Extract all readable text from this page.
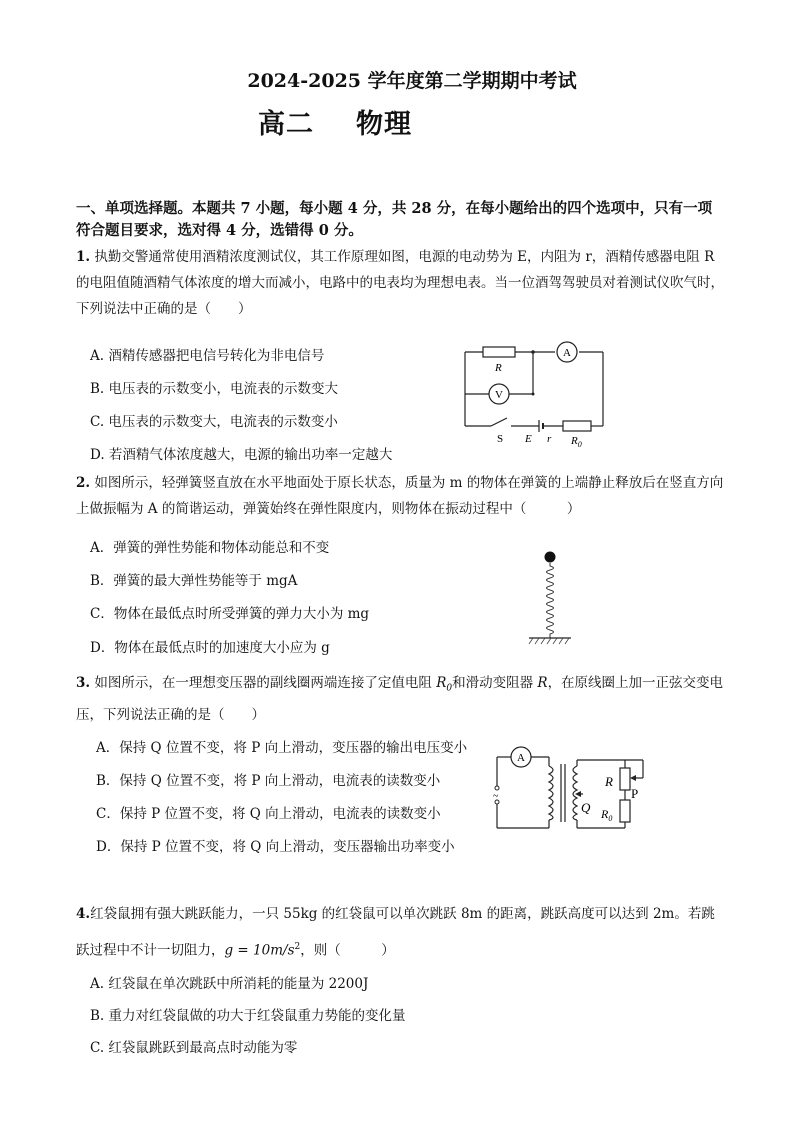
2024-2025 学年度第二学期期中考试
高二 物理
一、单项选择题。本题共 7 小题，每小题 4 分，共 28 分，在每小题给出的四个选项中，只有一项符合题目要求，选对得 4 分，选错得 0 分。
1. 执勤交警通常使用酒精浓度测试仪，其工作原理如图，电源的电动势为 E，内阻为 r，酒精传感器电阻 R 的电阻值随酒精气体浓度的增大而减小，电路中的电表均为理想电表。当一位酒驾驾驶员对着测试仪吹气时，下列说法中正确的是（　　）
A. 酒精传感器把电信号转化为非电信号
B. 电压表的示数变小，电流表的示数变大
C. 电压表的示数变大，电流表的示数变小
D. 若酒精气体浓度越大，电源的输出功率一定越大
R
A
V
S E r $R_0$
2. 如图所示，轻弹簧竖直放在水平地面处于原长状态，质量为 m 的物体在弹簧的上端静止释放后在竖直方向上做振幅为 A 的简谐运动，弹簧始终在弹性限度内，则物体在振动过程中（　　　）
A．弹簧的弹性势能和物体动能总和不变
B．弹簧的最大弹性势能等于 mgA
C．物体在最低点时所受弹簧的弹力大小为 mg
D．物体在最低点时的加速度大小应为 g
3. 如图所示，在一理想变压器的副线圈两端连接了定值电阻 $R_0$和滑动变阻器 R，在原线圈上加一正弦交变电压，下列说法正确的是（　　）
A．保持 Q 位置不变，将 P 向上滑动，变压器的输出电压变小
B．保持 Q 位置不变，将 P 向上滑动，电流表的读数变小
C．保持 P 位置不变，将 Q 向上滑动，电流表的读数变小
D．保持 P 位置不变，将 Q 向上滑动，变压器输出功率变小
A
~
Q
R
P
$R_0$
4.红袋鼠拥有强大跳跃能力，一只 55kg 的红袋鼠可以单次跳跃 8m 的距离，跳跃高度可以达到 2m。若跳跃过程中不计一切阻力，$g = 10m/s^2$，则（　　　）
A. 红袋鼠在单次跳跃中所消耗的能量为 2200J
B. 重力对红袋鼠做的功大于红袋鼠重力势能的变化量
C. 红袋鼠跳跃到最高点时动能为零
